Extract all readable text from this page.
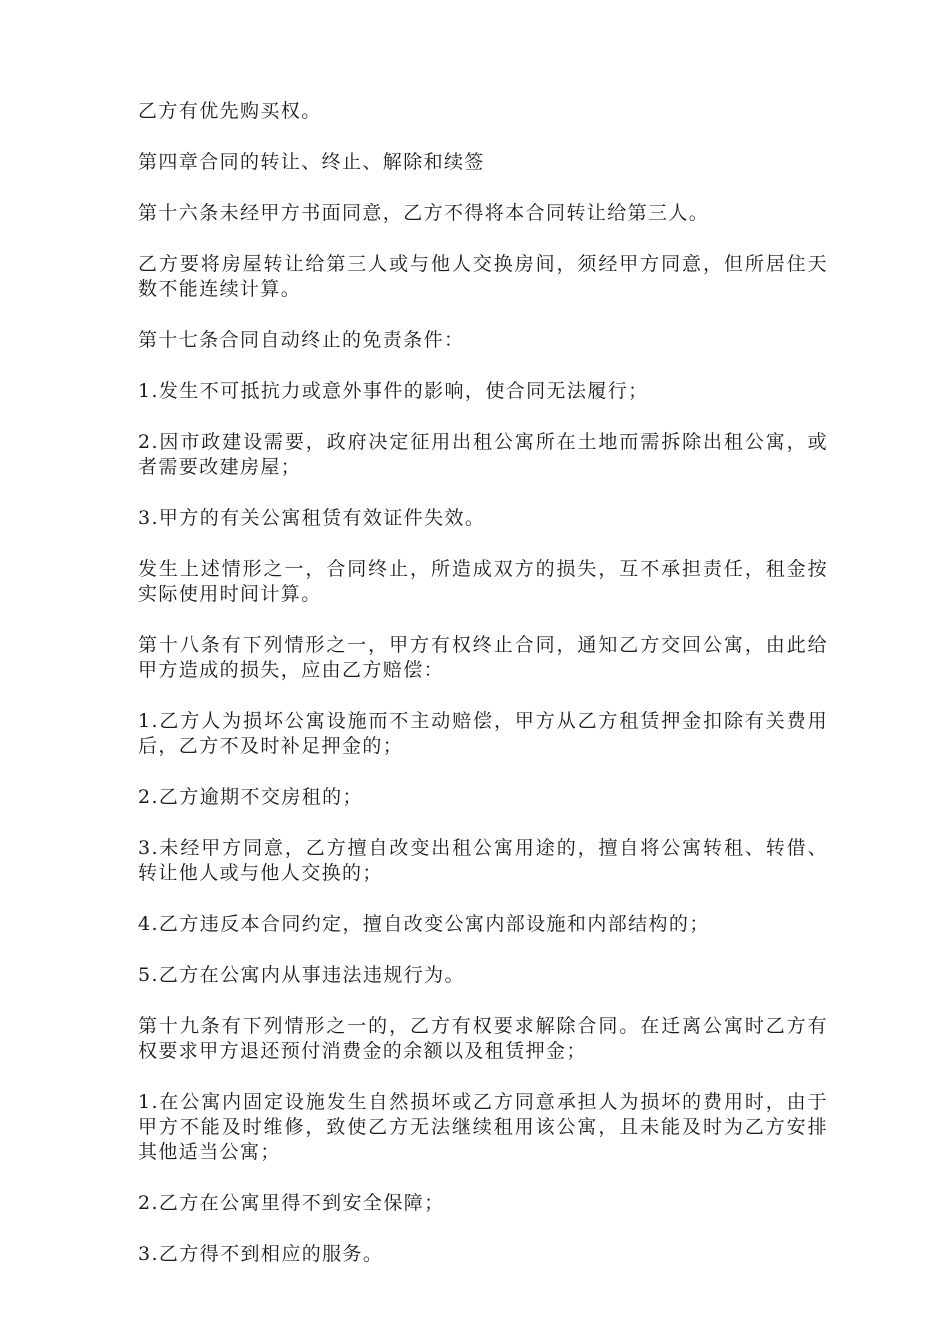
乙方有优先购买权。

第四章合同的转让、终止、解除和续签

第十六条未经甲方书面同意，乙方不得将本合同转让给第三人。

乙方要将房屋转让给第三人或与他人交换房间，须经甲方同意，但所居住天数不能连续计算。

第十七条合同自动终止的免责条件：

1.发生不可抵抗力或意外事件的影响，使合同无法履行；

2.因市政建设需要，政府决定征用出租公寓所在土地而需拆除出租公寓，或者需要改建房屋；

3.甲方的有关公寓租赁有效证件失效。

发生上述情形之一，合同终止，所造成双方的损失，互不承担责任，租金按实际使用时间计算。

第十八条有下列情形之一，甲方有权终止合同，通知乙方交回公寓，由此给甲方造成的损失，应由乙方赔偿：

1.乙方人为损坏公寓设施而不主动赔偿，甲方从乙方租赁押金扣除有关费用后，乙方不及时补足押金的；

2.乙方逾期不交房租的；

3.未经甲方同意，乙方擅自改变出租公寓用途的，擅自将公寓转租、转借、转让他人或与他人交换的；

4.乙方违反本合同约定，擅自改变公寓内部设施和内部结构的；

5.乙方在公寓内从事违法违规行为。

第十九条有下列情形之一的，乙方有权要求解除合同。在迁离公寓时乙方有权要求甲方退还预付消费金的余额以及租赁押金；

1.在公寓内固定设施发生自然损坏或乙方同意承担人为损坏的费用时，由于甲方不能及时维修，致使乙方无法继续租用该公寓，且未能及时为乙方安排其他适当公寓；

2.乙方在公寓里得不到安全保障；

3.乙方得不到相应的服务。
